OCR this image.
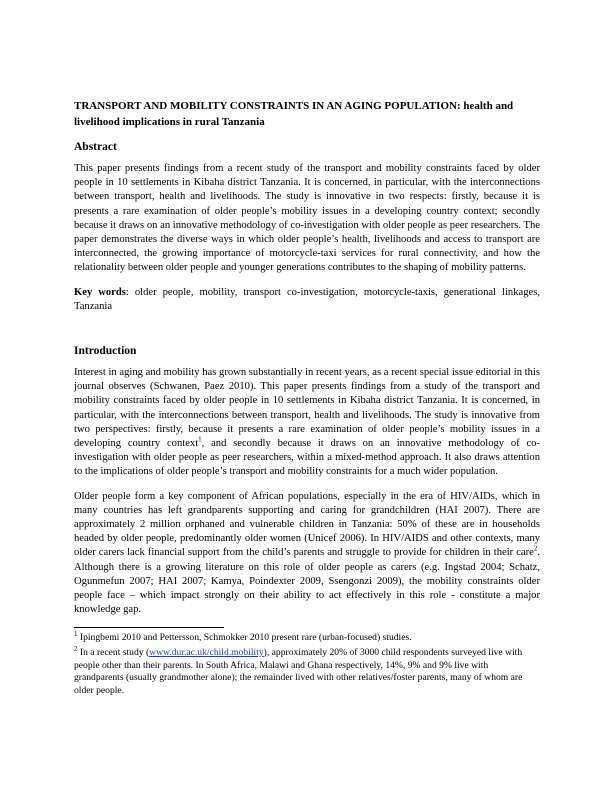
TRANSPORT AND MOBILITY CONSTRAINTS IN AN AGING POPULATION: health and livelihood implications in rural Tanzania

Abstract

This paper presents findings from a recent study of the transport and mobility constraints faced by older people in 10 settlements in Kibaha district Tanzania. It is concerned, in particular, with the interconnections between transport, health and livelihoods. The study is innovative in two respects: firstly, because it is presents a rare examination of older people’s mobility issues in a developing country context; secondly because it draws on an innovative methodology of co-investigation with older people as peer researchers. The paper demonstrates the diverse ways in which older people’s health, livelihoods and access to transport are interconnected, the growing importance of motorcycle-taxi services for rural connectivity, and how the relationality between older people and younger generations contributes to the shaping of mobility patterns.

Key words: older people, mobility, transport co-investigation, motorcycle-taxis, generational linkages, Tanzania

Introduction

Interest in aging and mobility has grown substantially in recent years, as a recent special issue editorial in this journal observes (Schwanen, Paez 2010). This paper presents findings from a study of the transport and mobility constraints faced by older people in 10 settlements in Kibaha district Tanzania. It is concerned, in particular, with the interconnections between transport, health and livelihoods. The study is innovative from two perspectives: firstly, because it presents a rare examination of older people’s mobility issues in a developing country context$^1$, and secondly because it draws on an innovative methodology of co-investigation with older people as peer researchers, within a mixed-method approach. It also draws attention to the implications of older people’s transport and mobility constraints for a much wider population.

Older people form a key component of African populations, especially in the era of HIV/AIDs, which in many countries has left grandparents supporting and caring for grandchildren (HAI 2007). There are approximately 2 million orphaned and vulnerable children in Tanzania: 50% of these are in households headed by older people, predominantly older women (Unicef 2006). In HIV/AIDS and other contexts, many older carers lack financial support from the child’s parents and struggle to provide for children in their care$^2$. Although there is a growing literature on this role of older people as carers (e.g. Ingstad 2004; Schatz, Ogunmefun 2007; HAI 2007; Kamya, Poindexter 2009, Ssengonzi 2009), the mobility constraints older people face – which impact strongly on their ability to act effectively in this role - constitute a major knowledge gap.

$^1$ Ipingbemi 2010 and Pettersson, Schmokker 2010 present rare (urban-focused) studies.

$^2$ In a recent study (www.dur.ac.uk/child.mobility), approximately 20% of 3000 child respondents surveyed live with people other than their parents. In South Africa, Malawi and Ghana respectively, 14%, 9% and 9% live with grandparents (usually grandmother alone); the remainder lived with other relatives/foster parents, many of whom are older people.
